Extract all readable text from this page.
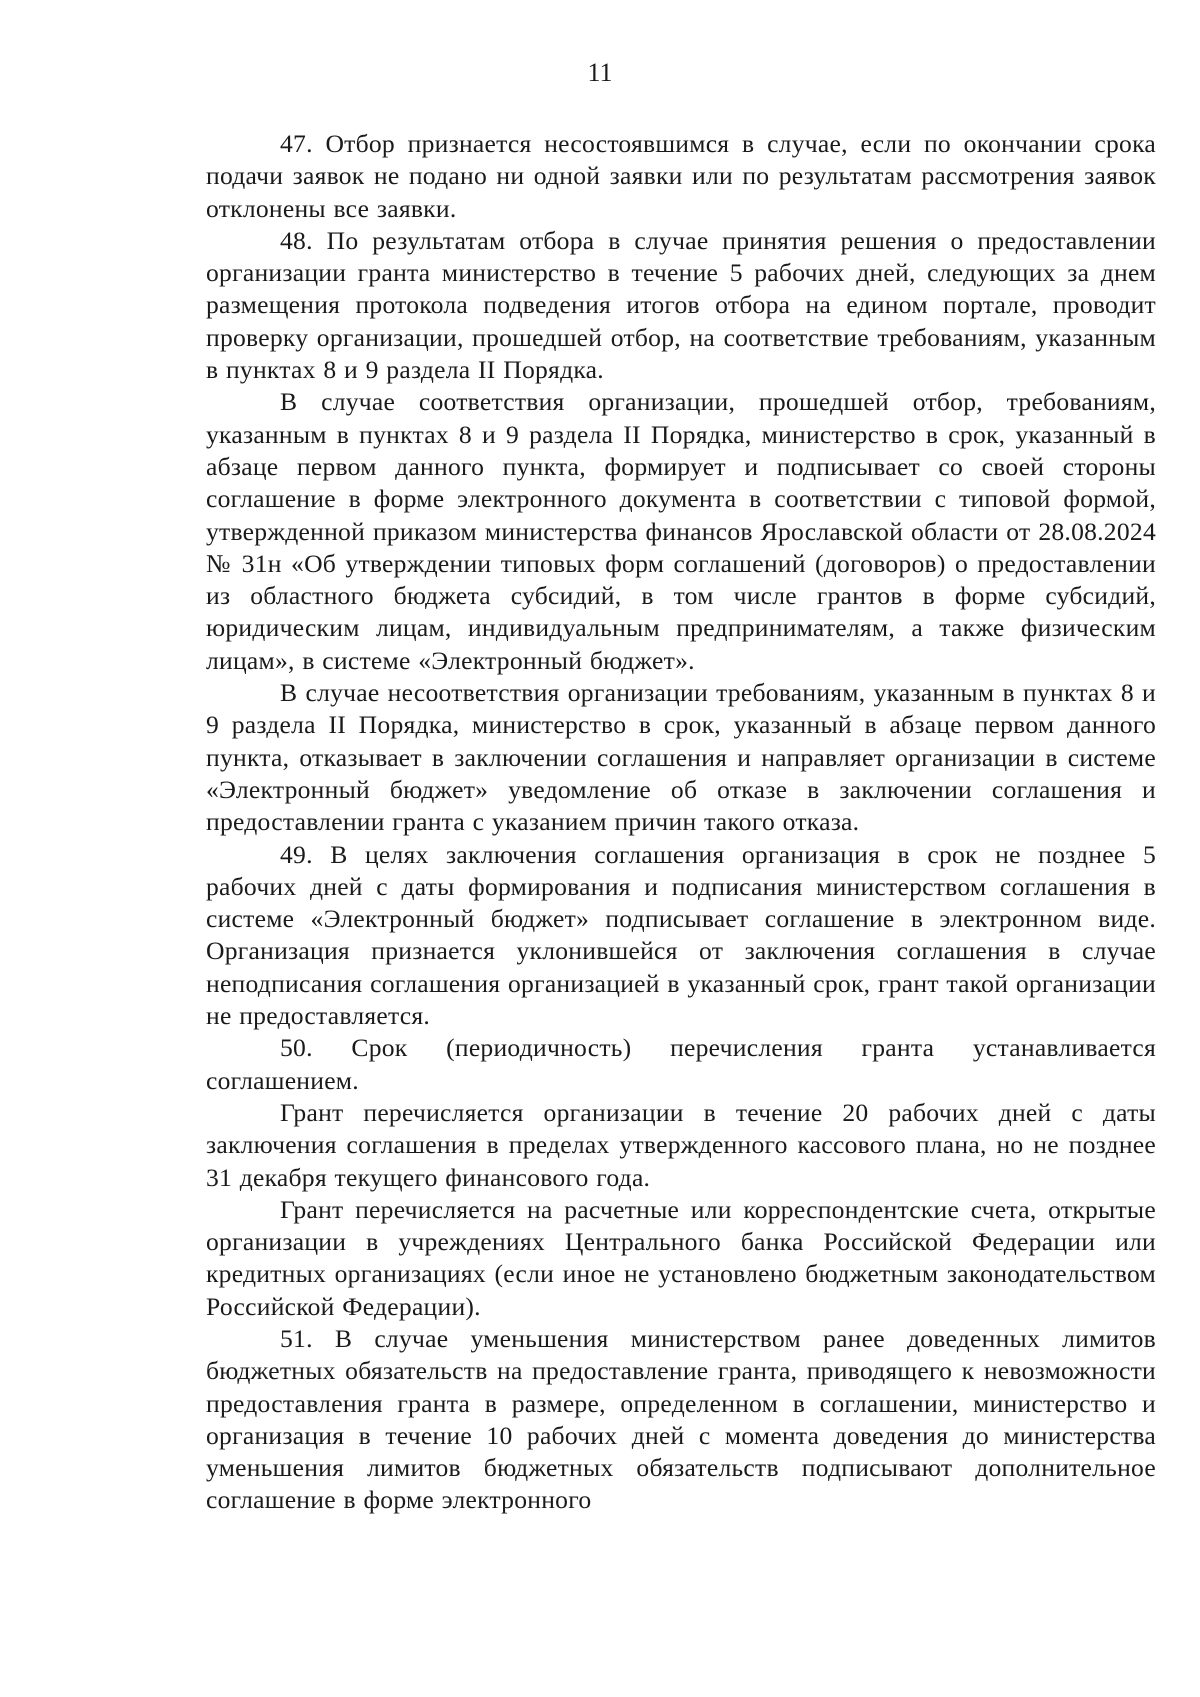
11

47. Отбор признается несостоявшимся в случае, если по окончании срока подачи заявок не подано ни одной заявки или по результатам рассмотрения заявок отклонены все заявки.

48. По результатам отбора в случае принятия решения о предоставлении организации гранта министерство в течение 5 рабочих дней, следующих за днем размещения протокола подведения итогов отбора на едином портале, проводит проверку организации, прошедшей отбор, на соответствие требованиям, указанным в пунктах 8 и 9 раздела II Порядка.

В случае соответствия организации, прошедшей отбор, требованиям, указанным в пунктах 8 и 9 раздела II Порядка, министерство в срок, указанный в абзаце первом данного пункта, формирует и подписывает со своей стороны соглашение в форме электронного документа в соответствии с типовой формой, утвержденной приказом министерства финансов Ярославской области от 28.08.2024 № 31н «Об утверждении типовых форм соглашений (договоров) о предоставлении из областного бюджета субсидий, в том числе грантов в форме субсидий, юридическим лицам, индивидуальным предпринимателям, а также физическим лицам», в системе «Электронный бюджет».

В случае несоответствия организации требованиям, указанным в пунктах 8 и 9 раздела II Порядка, министерство в срок, указанный в абзаце первом данного пункта, отказывает в заключении соглашения и направляет организации в системе «Электронный бюджет» уведомление об отказе в заключении соглашения и предоставлении гранта с указанием причин такого отказа.

49. В целях заключения соглашения организация в срок не позднее 5 рабочих дней с даты формирования и подписания министерством соглашения в системе «Электронный бюджет» подписывает соглашение в электронном виде. Организация признается уклонившейся от заключения соглашения в случае неподписания соглашения организацией в указанный срок, грант такой организации не предоставляется.

50. Срок (периодичность) перечисления гранта устанавливается соглашением.

Грант перечисляется организации в течение 20 рабочих дней с даты заключения соглашения в пределах утвержденного кассового плана, но не позднее 31 декабря текущего финансового года.

Грант перечисляется на расчетные или корреспондентские счета, открытые организации в учреждениях Центрального банка Российской Федерации или кредитных организациях (если иное не установлено бюджетным законодательством Российской Федерации).

51. В случае уменьшения министерством ранее доведенных лимитов бюджетных обязательств на предоставление гранта, приводящего к невозможности предоставления гранта в размере, определенном в соглашении, министерство и организация в течение 10 рабочих дней с момента доведения до министерства уменьшения лимитов бюджетных обязательств подписывают дополнительное соглашение в форме электронного
